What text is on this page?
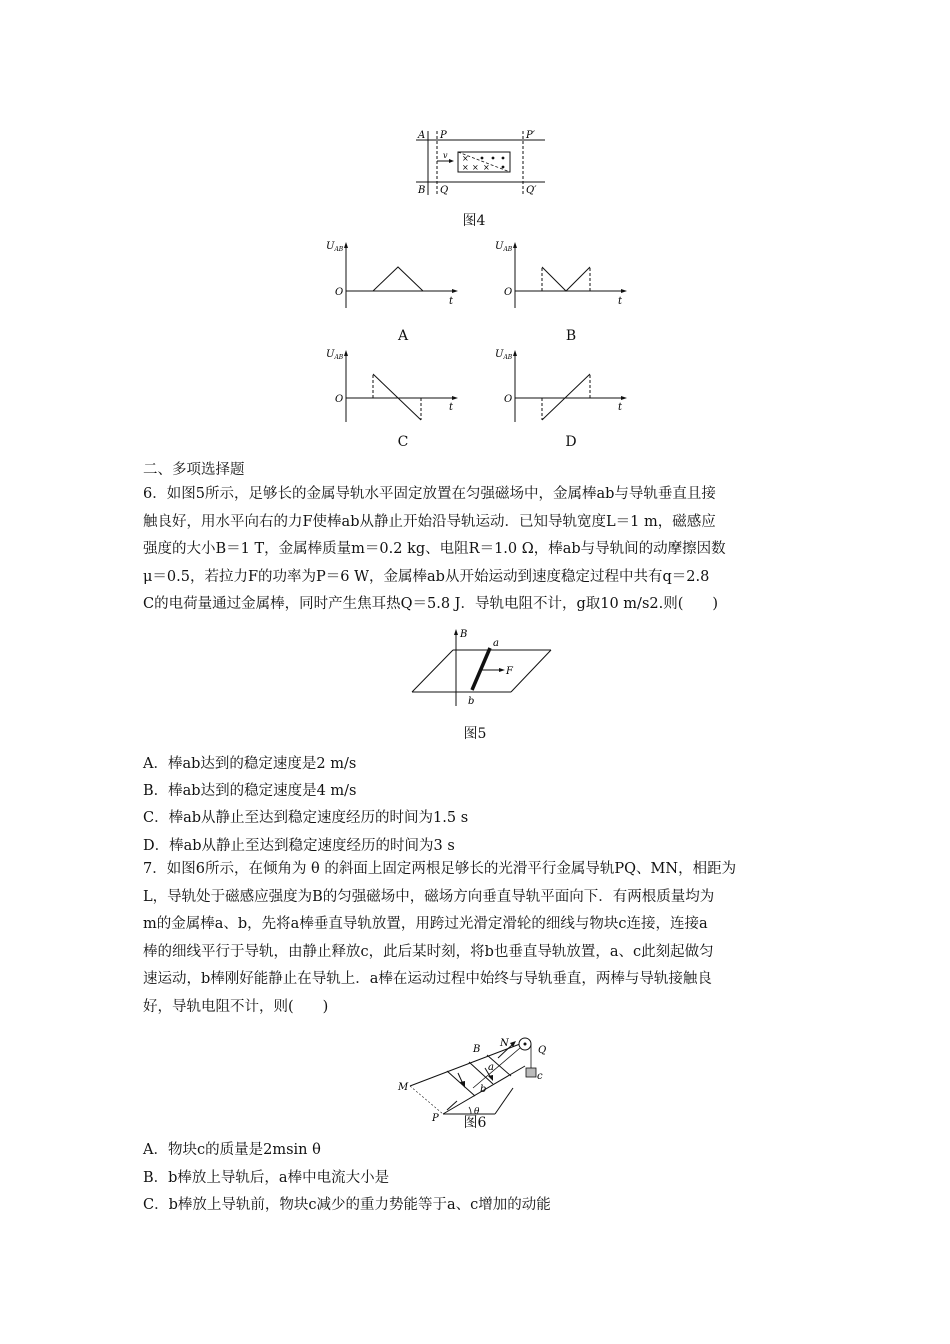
×
× × ×
v
A
B
P
Q
P′
Q′
图4
$U_{AB}$
O
t
A
$U_{AB}$
O
t
B
$U_{AB}$
O
t
C
$U_{AB}$
O
t
D
二、多项选择题
6．如图5所示，足够长的金属导轨水平固定放置在匀强磁场中，金属棒ab与导轨垂直且接
触良好，用水平向右的力F使棒ab从静止开始沿导轨运动．已知导轨宽度L＝1 m，磁感应
强度的大小B＝1 T，金属棒质量m＝0.2 kg、电阻R＝1.0 Ω，棒ab与导轨间的动摩擦因数
μ＝0.5，若拉力F的功率为P＝6 W，金属棒ab从开始运动到速度稳定过程中共有q＝2.8
C的电荷量通过金属棒，同时产生焦耳热Q＝5.8 J．导轨电阻不计，g取10 m/s2.则(　　)
B
a
b
F
图5
A．棒ab达到的稳定速度是2 m/s
B．棒ab达到的稳定速度是4 m/s
C．棒ab从静止至达到稳定速度经历的时间为1.5 s
D．棒ab从静止至达到稳定速度经历的时间为3 s
7．如图6所示，在倾角为 θ 的斜面上固定两根足够长的光滑平行金属导轨PQ、MN，相距为
L，导轨处于磁感应强度为B的匀强磁场中，磁场方向垂直导轨平面向下．有两根质量均为
m的金属棒a、b，先将a棒垂直导轨放置，用跨过光滑定滑轮的细线与物块c连接，连接a
棒的细线平行于导轨，由静止释放c，此后某时刻，将b也垂直导轨放置，a、c此刻起做匀
速运动，b棒刚好能静止在导轨上．a棒在运动过程中始终与导轨垂直，两棒与导轨接触良
好，导轨电阻不计，则(　　)
B
N
Q
a
b
c
M
P
θ
图6
A．物块c的质量是2msin θ
B．b棒放上导轨后，a棒中电流大小是
C．b棒放上导轨前，物块c减少的重力势能等于a、c增加的动能
